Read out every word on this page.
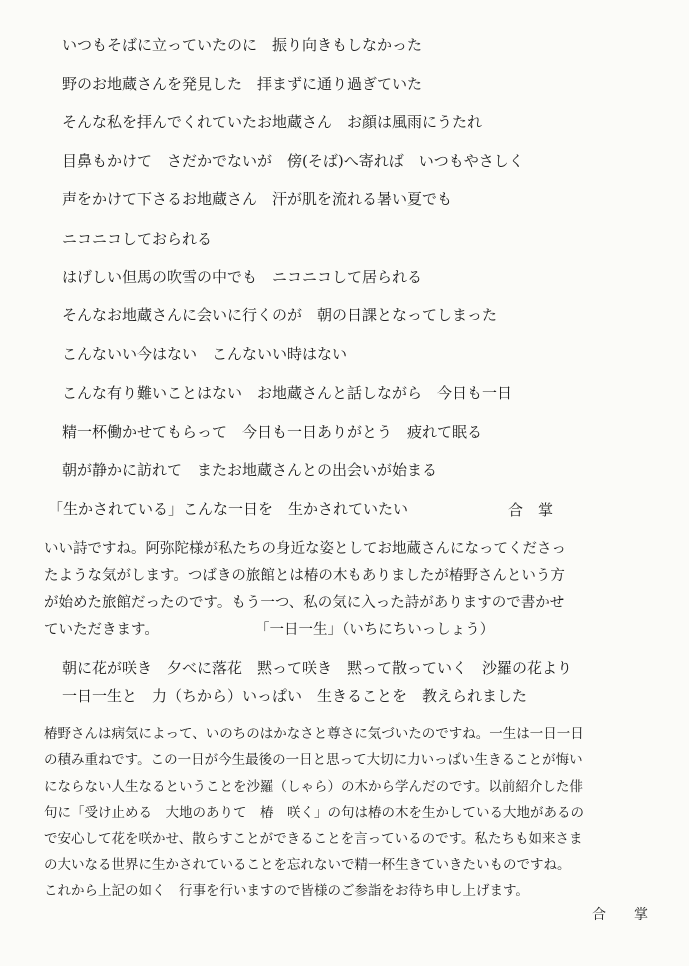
いつもそばに立っていたのに　振り向きもしなかった
野のお地蔵さんを発見した　拝まずに通り過ぎていた
そんな私を拝んでくれていたお地蔵さん　お顔は風雨にうたれ
目鼻もかけて　さだかでないが　傍(そば)へ寄れば　いつもやさしく
声をかけて下さるお地蔵さん　汗が肌を流れる暑い夏でも
ニコニコしておられる
はげしい但馬の吹雪の中でも　ニコニコして居られる
そんなお地蔵さんに会いに行くのが　朝の日課となってしまった
こんないい今はない　こんないい時はない
こんな有り難いことはない　お地蔵さんと話しながら　今日も一日
精一杯働かせてもらって　今日も一日ありがとう　疲れて眠る
朝が静かに訪れて　またお地蔵さんとの出会いが始まる
「生かされている」こんな一日を　生かされていたい	合　掌
いい詩ですね。阿弥陀様が私たちの身近な姿としてお地蔵さんになってくださっ
たような気がします。つばきの旅館とは椿の木もありましたが椿野さんという方
が始めた旅館だったのです。もう一つ、私の気に入った詩がありますので書かせ
ていただきます。	「一日一生」（いちにちいっしょう）
朝に花が咲き　夕べに落花　黙って咲き　黙って散っていく　沙羅の花より
一日一生と　力（ちから）いっぱい　生きることを　教えられました
椿野さんは病気によって、いのちのはかなさと尊さに気づいたのですね。一生は一日一日
の積み重ねです。この一日が今生最後の一日と思って大切に力いっぱい生きることが悔い
にならない人生なるということを沙羅（しゃら）の木から学んだのです。以前紹介した俳
句に「受け止める　大地のありて　椿　咲く」の句は椿の木を生かしている大地があるの
で安心して花を咲かせ、散らすことができることを言っているのです。私たちも如来さま
の大いなる世界に生かされていることを忘れないで精一杯生きていきたいものですね。
これから上記の如く　行事を行いますので皆様のご参詣をお待ち申し上げます。
合　　掌
